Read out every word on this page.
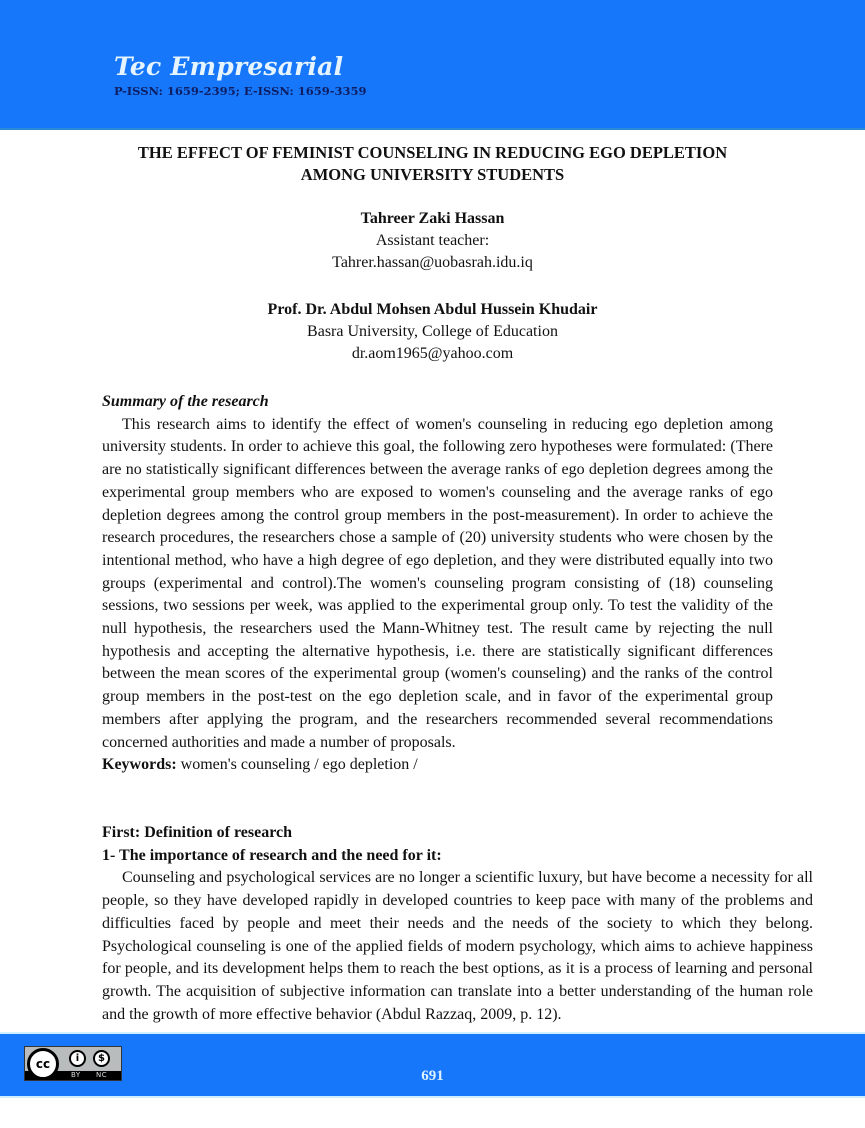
Tec Empresarial
P-ISSN: 1659-2395; E-ISSN: 1659-3359
THE EFFECT OF FEMINIST COUNSELING IN REDUCING EGO DEPLETION
AMONG UNIVERSITY STUDENTS
Tahreer Zaki Hassan
Assistant teacher:
Tahrer.hassan@uobasrah.idu.iq
Prof. Dr. Abdul Mohsen Abdul Hussein Khudair
Basra University, College of Education
dr.aom1965@yahoo.com
Summary of the research

This research aims to identify the effect of women's counseling in reducing ego depletion among university students. In order to achieve this goal, the following zero hypotheses were formulated: (There are no statistically significant differences between the average ranks of ego depletion degrees among the experimental group members who are exposed to women's counseling and the average ranks of ego depletion degrees among the control group members in the post-measurement). In order to achieve the research procedures, the researchers chose a sample of (20) university students who were chosen by the intentional method, who have a high degree of ego depletion, and they were distributed equally into two groups (experimental and control).The women's counseling program consisting of (18) counseling sessions, two sessions per week, was applied to the experimental group only. To test the validity of the null hypothesis, the researchers used the Mann-Whitney test. The result came by rejecting the null hypothesis and accepting the alternative hypothesis, i.e. there are statistically significant differences between the mean scores of the experimental group (women's counseling) and the ranks of the control group members in the post-test on the ego depletion scale, and in favor of the experimental group members after applying the program, and the researchers recommended several recommendations concerned authorities and made a number of proposals.

Keywords: women's counseling / ego depletion /
First: Definition of research
1- The importance of research and the need for it:

Counseling and psychological services are no longer a scientific luxury, but have become a necessity for all people, so they have developed rapidly in developed countries to keep pace with many of the problems and difficulties faced by people and meet their needs and the needs of the society to which they belong. Psychological counseling is one of the applied fields of modern psychology, which aims to achieve happiness for people, and its development helps them to reach the best options, as it is a process of learning and personal growth. The acquisition of subjective information can translate into a better understanding of the human role and the growth of more effective behavior (Abdul Razzaq, 2009, p. 12).

cc	i	$
BY NC	691
